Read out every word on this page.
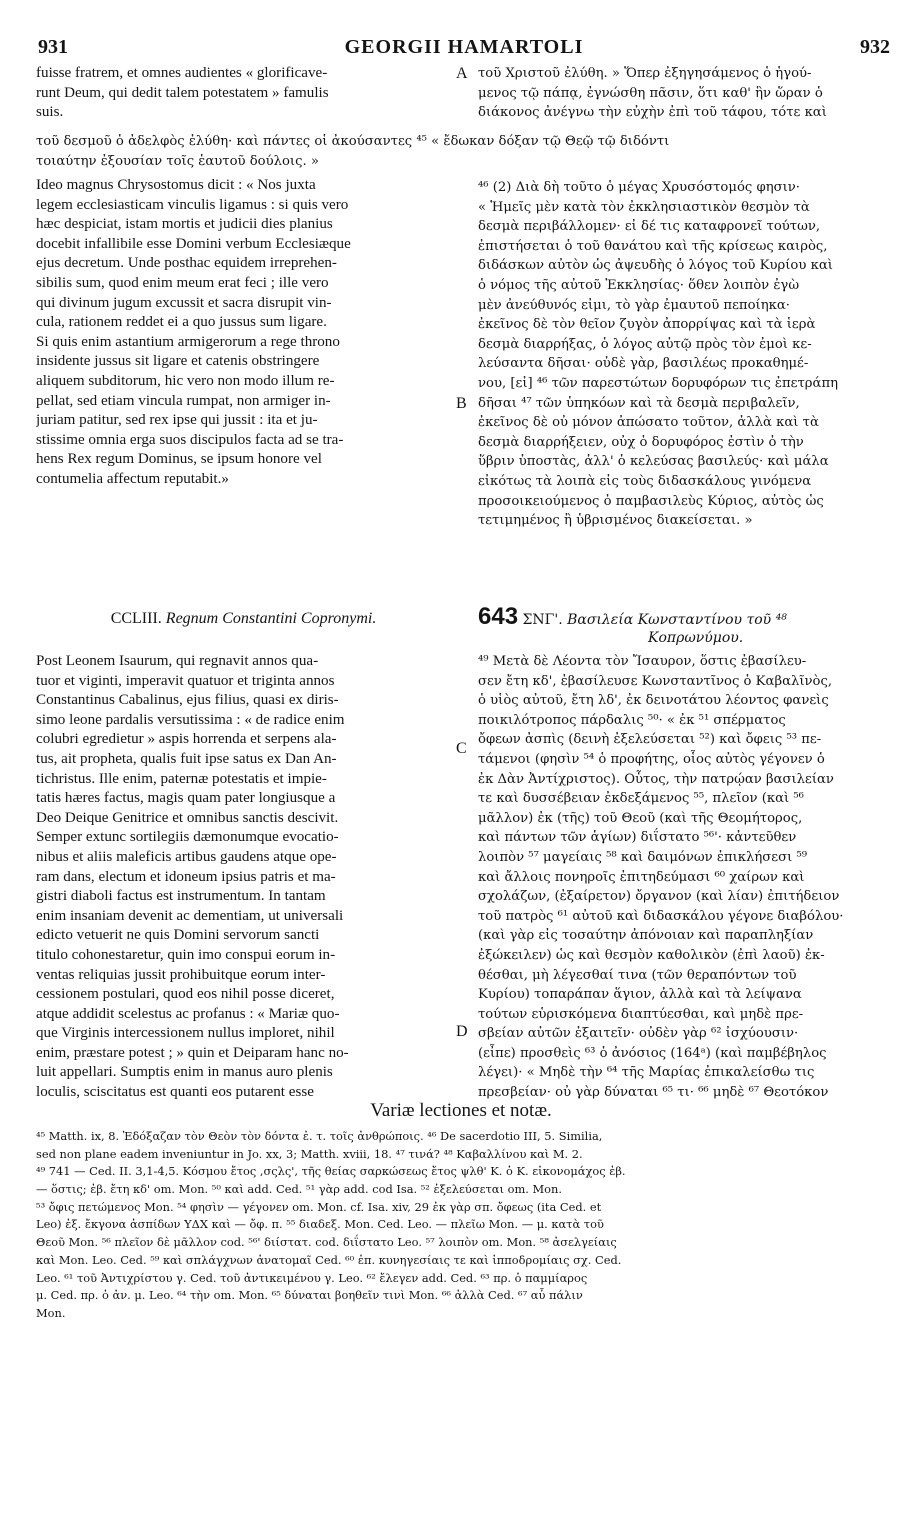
931	GEORGII HAMARTOLI	932
fuisse fratrem, et omnes audientes « glorificave-
runt Deum, qui dedit talem potestatem » famulis
suis.
τοῦ Χριστοῦ ἐλύθη. » Ὅπερ ἐξηγησάμενος ὁ ἡγού-
μενος τῷ πάπᾳ, ἐγνώσθη πᾶσιν, ὅτι καθ' ἣν ὥραν ὁ
διάκονος ἀνέγνω τὴν εὐχὴν ἐπὶ τοῦ τάφου, τότε καὶ
A
τοῦ δεσμοῦ ὁ ἀδελφὸς ἐλύθη· καὶ πάντες οἱ ἀκούσαντες ⁴⁵ « ἔδωκαν δόξαν τῷ Θεῷ τῷ διδόντι
τοιαύτην ἐξουσίαν τοῖς ἑαυτοῦ δούλοις. »
Ideo magnus Chrysostomus dicit : « Nos juxta
legem ecclesiasticam vinculis ligamus : si quis vero
hæc despiciat, istam mortis et judicii dies planius
docebit infallibile esse Domini verbum Ecclesiæque
ejus decretum. Unde posthac equidem irreprehen-
sibilis sum, quod enim meum erat feci ; ille vero
qui divinum jugum excussit et sacra disrupit vin-
cula, rationem reddet ei a quo jussus sum ligare.
Si quis enim astantium armigerorum a rege throno
insidente jussus sit ligare et catenis obstringere
aliquem subditorum, hic vero non modo illum re-
pellat, sed etiam vincula rumpat, non armiger in-
juriam patitur, sed rex ipse qui jussit : ita et ju-
stissime omnia erga suos discipulos facta ad se tra-
hens Rex regum Dominus, se ipsum honore vel
contumelia affectum reputabit.»
⁴⁶ (2) Διὰ δὴ τοῦτο ὁ μέγας Χρυσόστομός φησιν·
« Ἡμεῖς μὲν κατὰ τὸν ἐκκλησιαστικὸν θεσμὸν τὰ
δεσμὰ περιβάλλομεν· εἰ δέ τις καταφρονεῖ τούτων,
ἐπιστήσεται ὁ τοῦ θανάτου καὶ τῆς κρίσεως καιρὸς,
διδάσκων αὐτὸν ὡς ἀψευδὴς ὁ λόγος τοῦ Κυρίου καὶ
ὁ νόμος τῆς αὐτοῦ Ἐκκλησίας· ὅθεν λοιπὸν ἐγὼ
μὲν ἀνεύθυνός εἰμι, τὸ γὰρ ἐμαυτοῦ πεποίηκα·
ἐκεῖνος δὲ τὸν θεῖον ζυγὸν ἀπορρίψας καὶ τὰ ἱερὰ
δεσμὰ διαρρήξας, ὁ λόγος αὐτῷ πρὸς τὸν ἐμοὶ κε-
λεύσαντα δῆσαι· οὐδὲ γὰρ, βασιλέως προκαθημέ-
νου, [εἰ] ⁴⁶ τῶν παρεστώτων δορυφόρων τις ἐπετράπη
δῆσαι ⁴⁷ τῶν ὑπηκόων καὶ τὰ δεσμὰ περιβαλεῖν,
ἐκεῖνος δὲ οὐ μόνον ἀπώσατο τοῦτον, ἀλλὰ καὶ τὰ
δεσμὰ διαρρήξειεν, οὐχ ὁ δορυφόρος ἐστὶν ὁ τὴν
ὕβριν ὑποστὰς, ἀλλ' ὁ κελεύσας βασιλεύς· καὶ μάλα
εἰκότως τὰ λοιπὰ εἰς τοὺς διδασκάλους γινόμενα
προσοικειούμενος ὁ παμβασιλεὺς Κύριος, αὐτὸς ὡς
τετιμημένος ἢ ὑβρισμένος διακείσεται. »
B
CCLIII. Regnum Constantini Copronymi.	643 ΣΝΓ'. Βασιλεία Κωνσταντίνου τοῦ ⁴⁸
Κοπρωνύμου.
Post Leonem Isaurum, qui regnavit annos qua-
tuor et viginti, imperavit quatuor et triginta annos
Constantinus Cabalinus, ejus filius, quasi ex diris-
simo leone pardalis versutissima : « de radice enim
colubri egredietur » aspis horrenda et serpens ala-
tus, ait propheta, qualis fuit ipse satus ex Dan An-
tichristus. Ille enim, paternæ potestatis et impie-
tatis hæres factus, magis quam pater longiusque a
Deo Deique Genitrice et omnibus sanctis descivit.
Semper extunc sortilegiis dæmonumque evocatio-
nibus et aliis maleficis artibus gaudens atque ope-
ram dans, electum et idoneum ipsius patris et ma-
gistri diaboli factus est instrumentum. In tantam
enim insaniam devenit ac dementiam, ut universali
edicto vetuerit ne quis Domini servorum sancti
titulo cohonestaretur, quin imo conspui eorum in-
ventas reliquias jussit prohibuitque eorum inter-
cessionem postulari, quod eos nihil posse diceret,
atque addidit scelestus ac profanus : « Mariæ quo-
que Virginis intercessionem nullus imploret, nihil
enim, præstare potest ; » quin et Deiparam hanc no-
luit appellari. Sumptis enim in manus auro plenis
loculis, sciscitatus est quanti eos putarent esse
⁴⁹ Μετὰ δὲ Λέοντα τὸν Ἴσαυρον, ὅστις ἐβασίλευ-
σεν ἔτη κδ', ἐβασίλευσε Κωνσταντῖνος ὁ Καβαλῖνὸς,
ὁ υἱὸς αὐτοῦ, ἔτη λδ', ἐκ δεινοτάτου λέοντος φανεὶς
ποικιλότροπος πάρδαλις ⁵⁰· « ἐκ ⁵¹ σπέρματος
ὄφεων ἀσπὶς (δεινὴ ἐξελεύσεται ⁵²) καὶ ὄφεις ⁵³ πε-
τάμενοι (φησὶν ⁵⁴ ὁ προφήτης, οἷος αὐτὸς γέγονεν ὁ
ἐκ Δὰν Ἀντίχριστος). Οὗτος, τὴν πατρῴαν βασιλείαν
τε καὶ δυσσέβειαν ἐκδεξάμενος ⁵⁵, πλεῖον (καὶ ⁵⁶
μᾶλλον) ἐκ (τῆς) τοῦ Θεοῦ (καὶ τῆς Θεομήτορος,
καὶ πάντων τῶν ἁγίων) διΐστατο ⁵⁶'· κἀντεῦθεν
λοιπὸν ⁵⁷ μαγείαις ⁵⁸ καὶ δαιμόνων ἐπικλήσεσι ⁵⁹
καὶ ἄλλοις πονηροῖς ἐπιτηδεύμασι ⁶⁰ χαίρων καὶ
σχολάζων, (ἐξαίρετον) ὄργανον (καὶ λίαν) ἐπιτήδειον
τοῦ πατρὸς ⁶¹ αὐτοῦ καὶ διδασκάλου γέγονε διαβόλου·
(καὶ γὰρ εἰς τοσαύτην ἀπόνοιαν καὶ παραπληξίαν
ἐξώκειλεν) ὡς καὶ θεσμὸν καθολικὸν (ἐπὶ λαοῦ) ἐκ-
θέσθαι, μὴ λέγεσθαί τινα (τῶν θεραπόντων τοῦ
Κυρίου) τοπαράπαν ἅγιον, ἀλλὰ καὶ τὰ λείψανα
τούτων εὑρισκόμενα διαπτύεσθαι, καὶ μηδὲ πρε-
σβείαν αὐτῶν ἐξαιτεῖν· οὐδὲν γὰρ ⁶² ἰσχύουσιν·
(εἶπε) προσθεὶς ⁶³ ὁ ἀνόσιος (164ᵃ) (καὶ παμβέβηλος
λέγει)· « Μηδὲ τὴν ⁶⁴ τῆς Μαρίας ἐπικαλείσθω τις
πρεσβείαν· οὐ γὰρ δύναται ⁶⁵ τι· ⁶⁶ μηδὲ ⁶⁷ Θεοτόκον
C
D
Variæ lectiones et notæ.
⁴⁵ Matth. ix, 8. Ἐδόξαζαν τὸν Θεὸν τὸν δόντα ἐ. τ. τοῖς ἀνθρώποις. ⁴⁶ De sacerdotio III, 5. Similia,
sed non plane eadem inveniuntur in Jo. xx, 3; Matth. xviii, 18. ⁴⁷ τινά? ⁴⁸ Καβαλλίνου καὶ Μ. 2.
⁴⁹ 741 — Ced. II. 3,1-4,5. Κόσμου ἔτος ,σςλς', τῆς θείας σαρκώσεως ἔτος ψλθ' Κ. ὁ Κ. εἰκονομάχος ἐβ.
— ὅστις; ἐβ. ἔτη κδ' om. Mon. ⁵⁰ καὶ add. Ced. ⁵¹ γὰρ add. cod Isa. ⁵² ἐξελεύσεται om. Mon.
⁵³ ὄφις πετώμενος Mon. ⁵⁴ φησὶν — γέγονεν om. Mon. cf. Isa. xiv, 29 ἐκ γὰρ σπ. ὄφεως (ita Ced. et
Leo) ἐξ. ἔκγονα ἀσπίδων ΥΔΧ καὶ — ὄφ. π. ⁵⁵ διαδεξ. Mon. Ced. Leo. — πλεῖω Mon. — μ. κατὰ τοῦ
Θεοῦ Mon. ⁵⁶ πλεῖον δὲ μᾶλλον cod. ⁵⁶' διίστατ. cod. διΐστατο Leo. ⁵⁷ λοιπὸν om. Mon. ⁵⁸ ἀσελγείαις
καὶ Mon. Leo. Ced. ⁵⁹ καὶ σπλάγχνων ἀνατομαῖ Ced. ⁶⁰ ἐπ. κυνηγεσίαις τε καὶ ἱπποδρομίαις σχ. Ced.
Leo. ⁶¹ τοῦ Ἀντιχρίστου γ. Ced. τοῦ ἀντικειμένου γ. Leo. ⁶² ἔλεγεν add. Ced. ⁶³ πρ. ὁ παμμίαρος
μ. Ced. πρ. ὁ ἀν. μ. Leo. ⁶⁴ τὴν om. Mon. ⁶⁵ δύναται βοηθεῖν τινὶ Mon. ⁶⁶ ἀλλὰ Ced. ⁶⁷ αὖ πάλιν
Mon.
